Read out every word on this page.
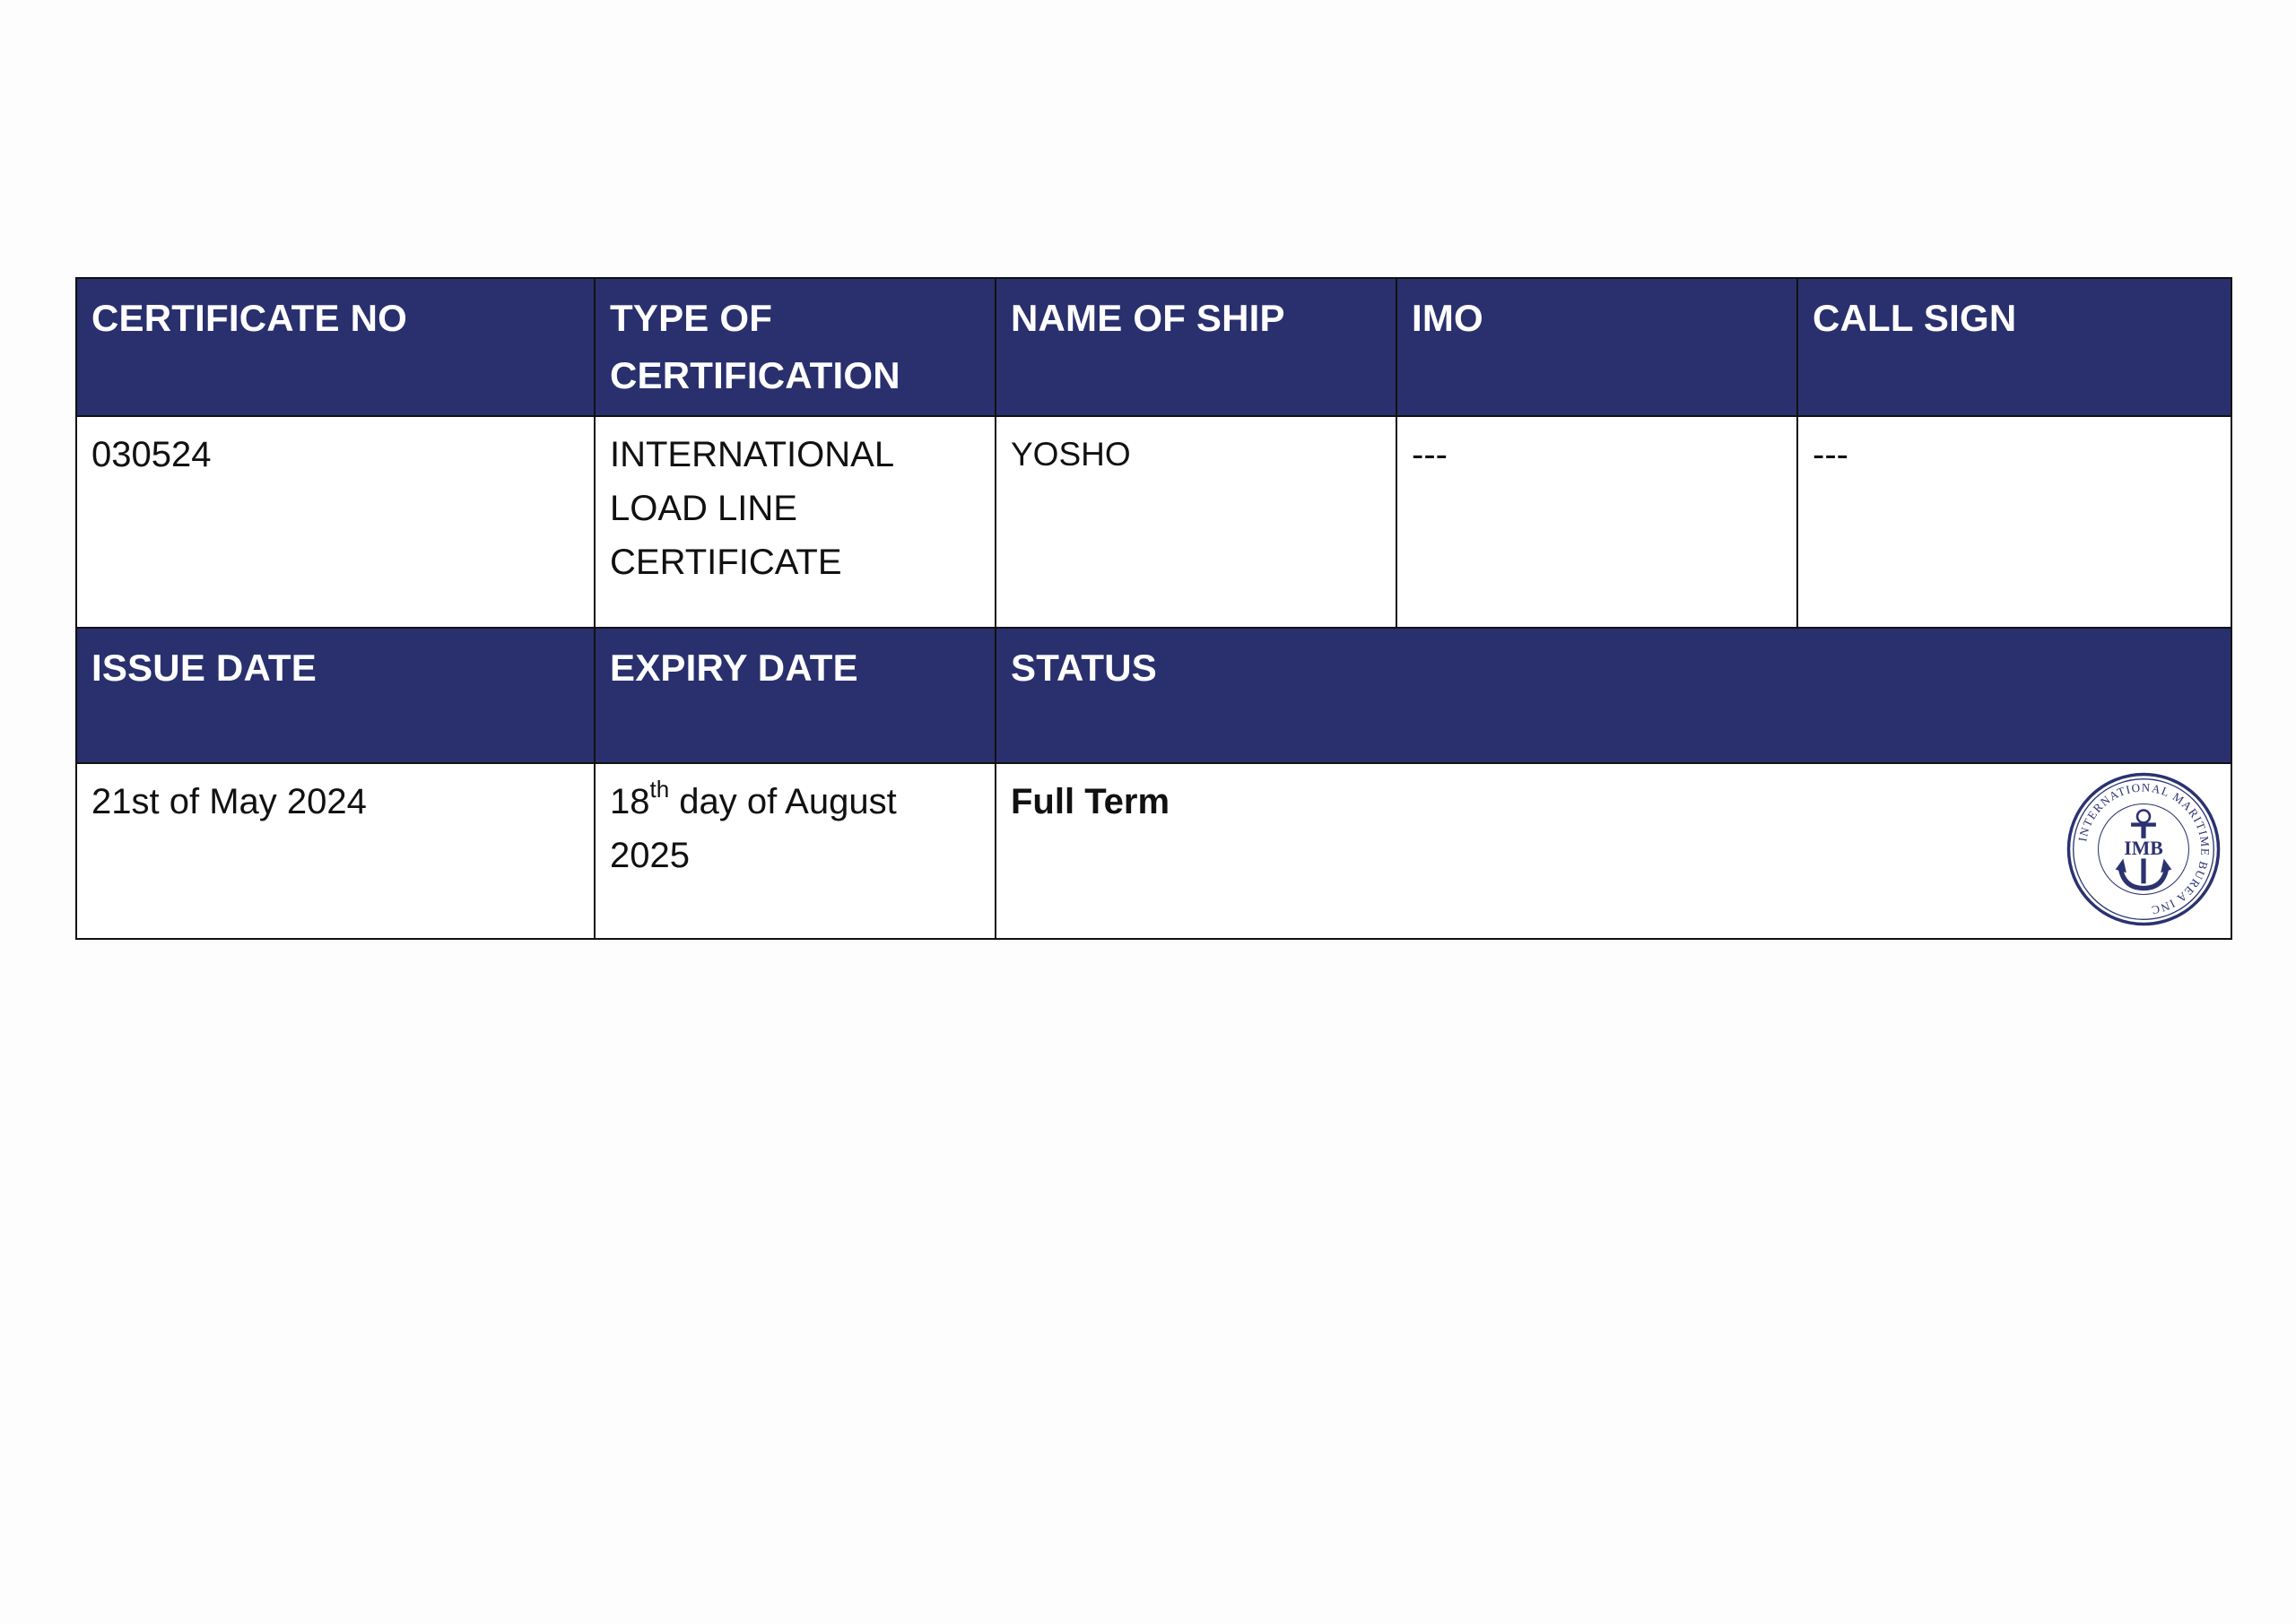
CERTIFICATE NO	TYPE OF CERTIFICATION	NAME OF SHIP	IMO	CALL SIGN
030524	INTERNATIONAL LOAD LINE CERTIFICATE	YOSHO	---	---
ISSUE DATE	EXPIRY DATE	STATUS		
21st of May 2024	18th day of August 2025	Full Term
INTERNATIONAL MARITIME BUREA INC
IMB		
